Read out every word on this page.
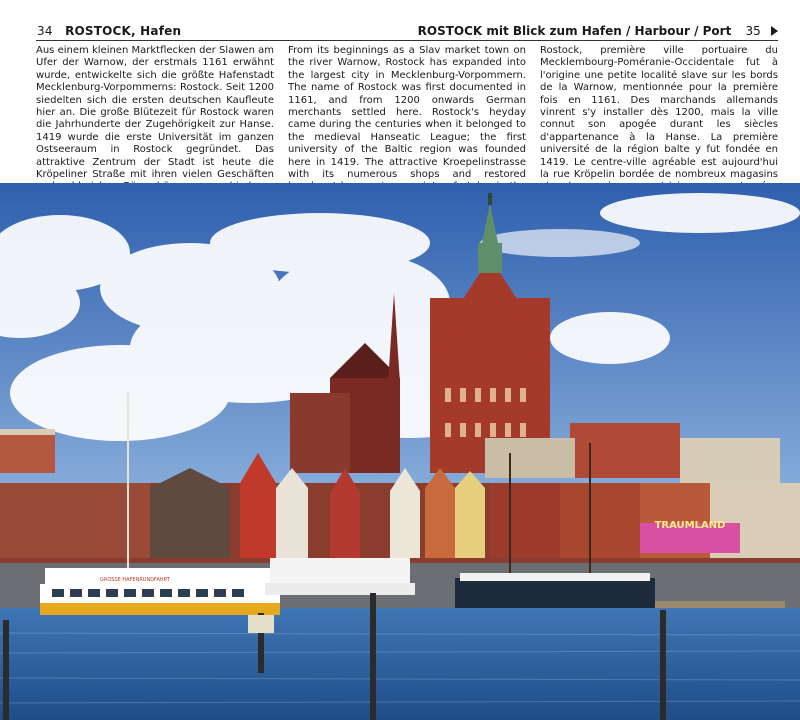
34 ROSTOCK, Hafen	ROSTOCK mit Blick zum Hafen / Harbour / Port 35
Aus einem kleinen Marktflecken der Slawen am Ufer der Warnow, der erstmals 1161 erwähnt wurde, entwickelte sich die größte Hafenstadt Mecklenburg-Vorpommerns: Rostock. Seit 1200 siedelten sich die ersten deutschen Kaufleute hier an. Die große Blütezeit für Rostock waren die Jahrhunderte der Zugehörigkeit zur Hanse. 1419 wurde die erste Universität im ganzen Ostseeraum in Rostock gegründet. Das attraktive Zentrum der Stadt ist heute die Kröpeliner Straße mit ihren vielen Geschäften
From its beginnings as a Slav market town on the river Warnow, Rostock has expanded into the largest city in Mecklenburg-Vorpommern. The name of Rostock was first documented in 1161, and from 1200 onwards German merchants settled here. Rostock's heyday came during the centuries when it belonged to the medieval Hanseatic League; the first university of the Baltic region was founded here in 1419. The attractive Kroepelinstrasse with its numerous shops and restored
Rostock, première ville portuaire du Mecklembourg-Poméranie-Occidentale fut à l'origine une petite localité slave sur les bords de la Warnow, mentionnée pour la première fois en 1161. Des marchands allemands vinrent s'y installer dès 1200, mais la ville connut son apogée durant les siècles d'appartenance à la Hanse. La première université de la région balte y fut fondée en 1419. Le centre-ville agréable est aujourd'hui la rue Kröpelin bordée de nombreux magasins
TRAUMLAND
GROSSE HAFENRUNDFAHRT
